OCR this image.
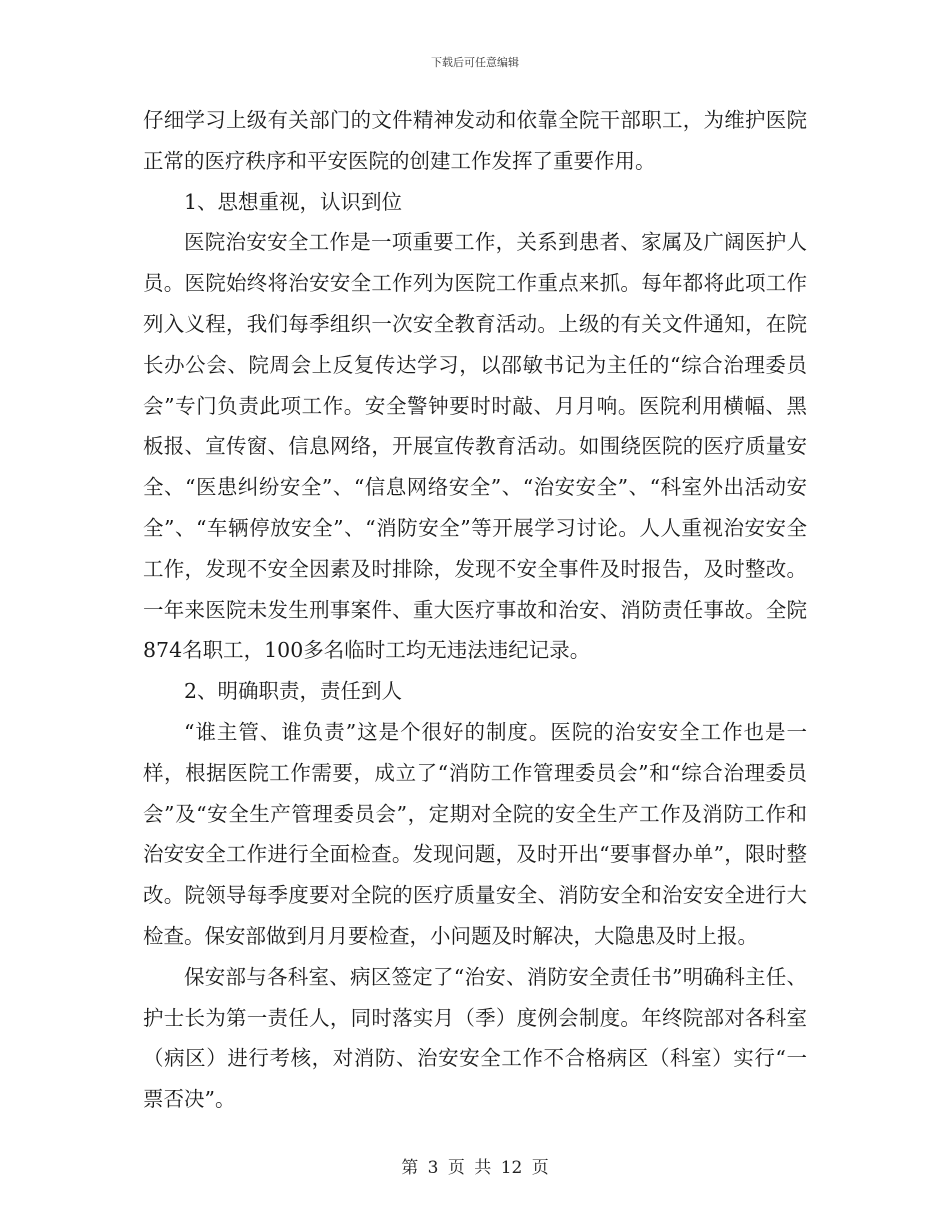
下载后可任意编辑

仔细学习上级有关部门的文件精神发动和依靠全院干部职工，为维护医院正常的医疗秩序和平安医院的创建工作发挥了重要作用。

1、思想重视，认识到位

医院治安安全工作是一项重要工作，关系到患者、家属及广阔医护人员。医院始终将治安安全工作列为医院工作重点来抓。每年都将此项工作列入义程，我们每季组织一次安全教育活动。上级的有关文件通知，在院长办公会、院周会上反复传达学习，以邵敏书记为主任的“综合治理委员会”专门负责此项工作。安全警钟要时时敲、月月响。医院利用横幅、黑板报、宣传窗、信息网络，开展宣传教育活动。如围绕医院的医疗质量安全、“医患纠纷安全”、“信息网络安全”、“治安安全”、“科室外出活动安全”、“车辆停放安全”、“消防安全”等开展学习讨论。人人重视治安安全工作，发现不安全因素及时排除，发现不安全事件及时报告，及时整改。一年来医院未发生刑事案件、重大医疗事故和治安、消防责任事故。全院874名职工，100多名临时工均无违法违纪记录。

2、明确职责，责任到人

“谁主管、谁负责”这是个很好的制度。医院的治安安全工作也是一样，根据医院工作需要，成立了“消防工作管理委员会”和“综合治理委员会”及“安全生产管理委员会”，定期对全院的安全生产工作及消防工作和治安安全工作进行全面检查。发现问题，及时开出“要事督办单”，限时整改。院领导每季度要对全院的医疗质量安全、消防安全和治安安全进行大检查。保安部做到月月要检查，小问题及时解决，大隐患及时上报。

保安部与各科室、病区签定了“治安、消防安全责任书”明确科主任、护士长为第一责任人，同时落实月（季）度例会制度。年终院部对各科室（病区）进行考核，对消防、治安安全工作不合格病区（科室）实行“一票否决”。

第 3 页 共 12 页
